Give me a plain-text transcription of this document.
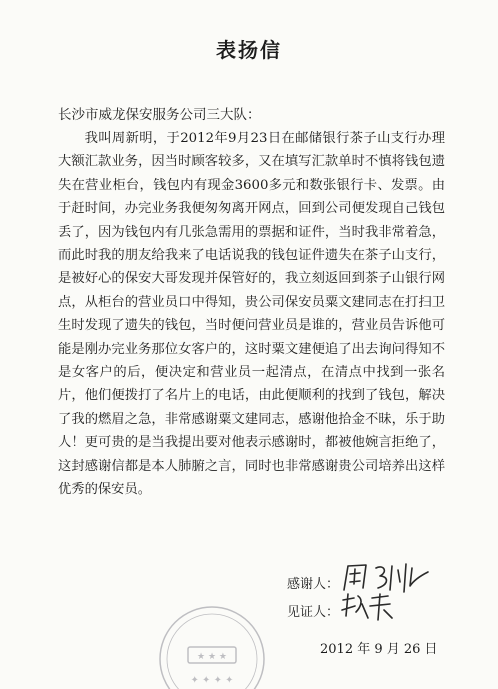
表扬信
长沙市威龙保安服务公司三大队：

我叫周新明，于2012年9月23日在邮储银行茶子山支行办理大额汇款业务，因当时顾客较多，又在填写汇款单时不慎将钱包遗失在营业柜台，钱包内有现金3600多元和数张银行卡、发票。由于赶时间，办完业务我便匆匆离开网点，回到公司便发现自己钱包丢了，因为钱包内有几张急需用的票据和证件，当时我非常着急，而此时我的朋友给我来了电话说我的钱包证件遗失在茶子山支行，是被好心的保安大哥发现并保管好的，我立刻返回到茶子山银行网点，从柜台的营业员口中得知，贵公司保安员粟文建同志在打扫卫生时发现了遗失的钱包，当时便问营业员是谁的，营业员告诉他可能是刚办完业务那位女客户的，这时粟文建便追了出去询问得知不是女客户的后，便决定和营业员一起清点，在清点中找到一张名片，他们便拨打了名片上的电话，由此便顺利的找到了钱包，解决了我的燃眉之急，非常感谢粟文建同志，感谢他拾金不昧，乐于助人！更可贵的是当我提出要对他表示感谢时，都被他婉言拒绝了，这封感谢信都是本人肺腑之言，同时也非常感谢贵公司培养出这样优秀的保安员。

感谢人：
见证人：
2012 年 9 月 26 日
★ ★ ★
✦ ✦ ✦ ✦
